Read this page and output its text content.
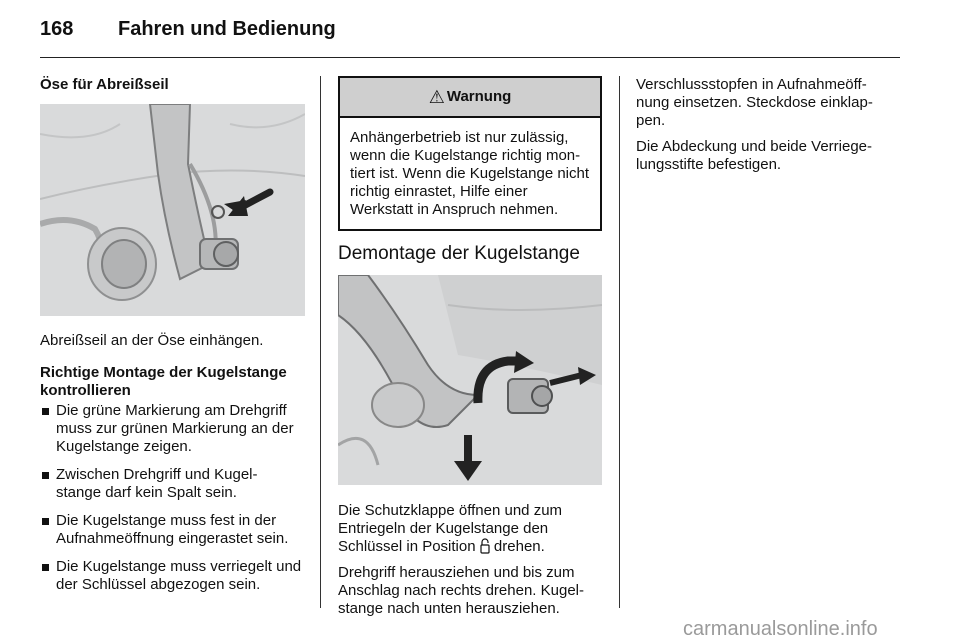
168 Fahren und Bedienung
Öse für Abreißseil

Abreißseil an der Öse einhängen.

Richtige Montage der Kugelstange kontrollieren
Die grüne Markierung am Drehgriff muss zur grünen Markierung an der Kugelstange zeigen.
Zwischen Drehgriff und Kugel- stange darf kein Spalt sein.
Die Kugelstange muss fest in der Aufnahmeöffnung eingerastet sein.
Die Kugelstange muss verriegelt und der Schlüssel abgezogen sein.
⚠ Warnung
Anhängerbetrieb ist nur zulässig, wenn die Kugelstange richtig mon- tiert ist. Wenn die Kugelstange nicht richtig einrastet, Hilfe einer Werkstatt in Anspruch nehmen.
Demontage der Kugelstange

Die Schutzklappe öffnen und zum Entriegeln der Kugelstange den Schlüssel in Position drehen.

Drehgriff herausziehen und bis zum Anschlag nach rechts drehen. Kugel- stange nach unten herausziehen.

Verschlussstopfen in Aufnahmeöff- nung einsetzen. Steckdose einklap- pen.

Die Abdeckung und beide Verriege- lungsstifte befestigen.

carmanualsonline.info
